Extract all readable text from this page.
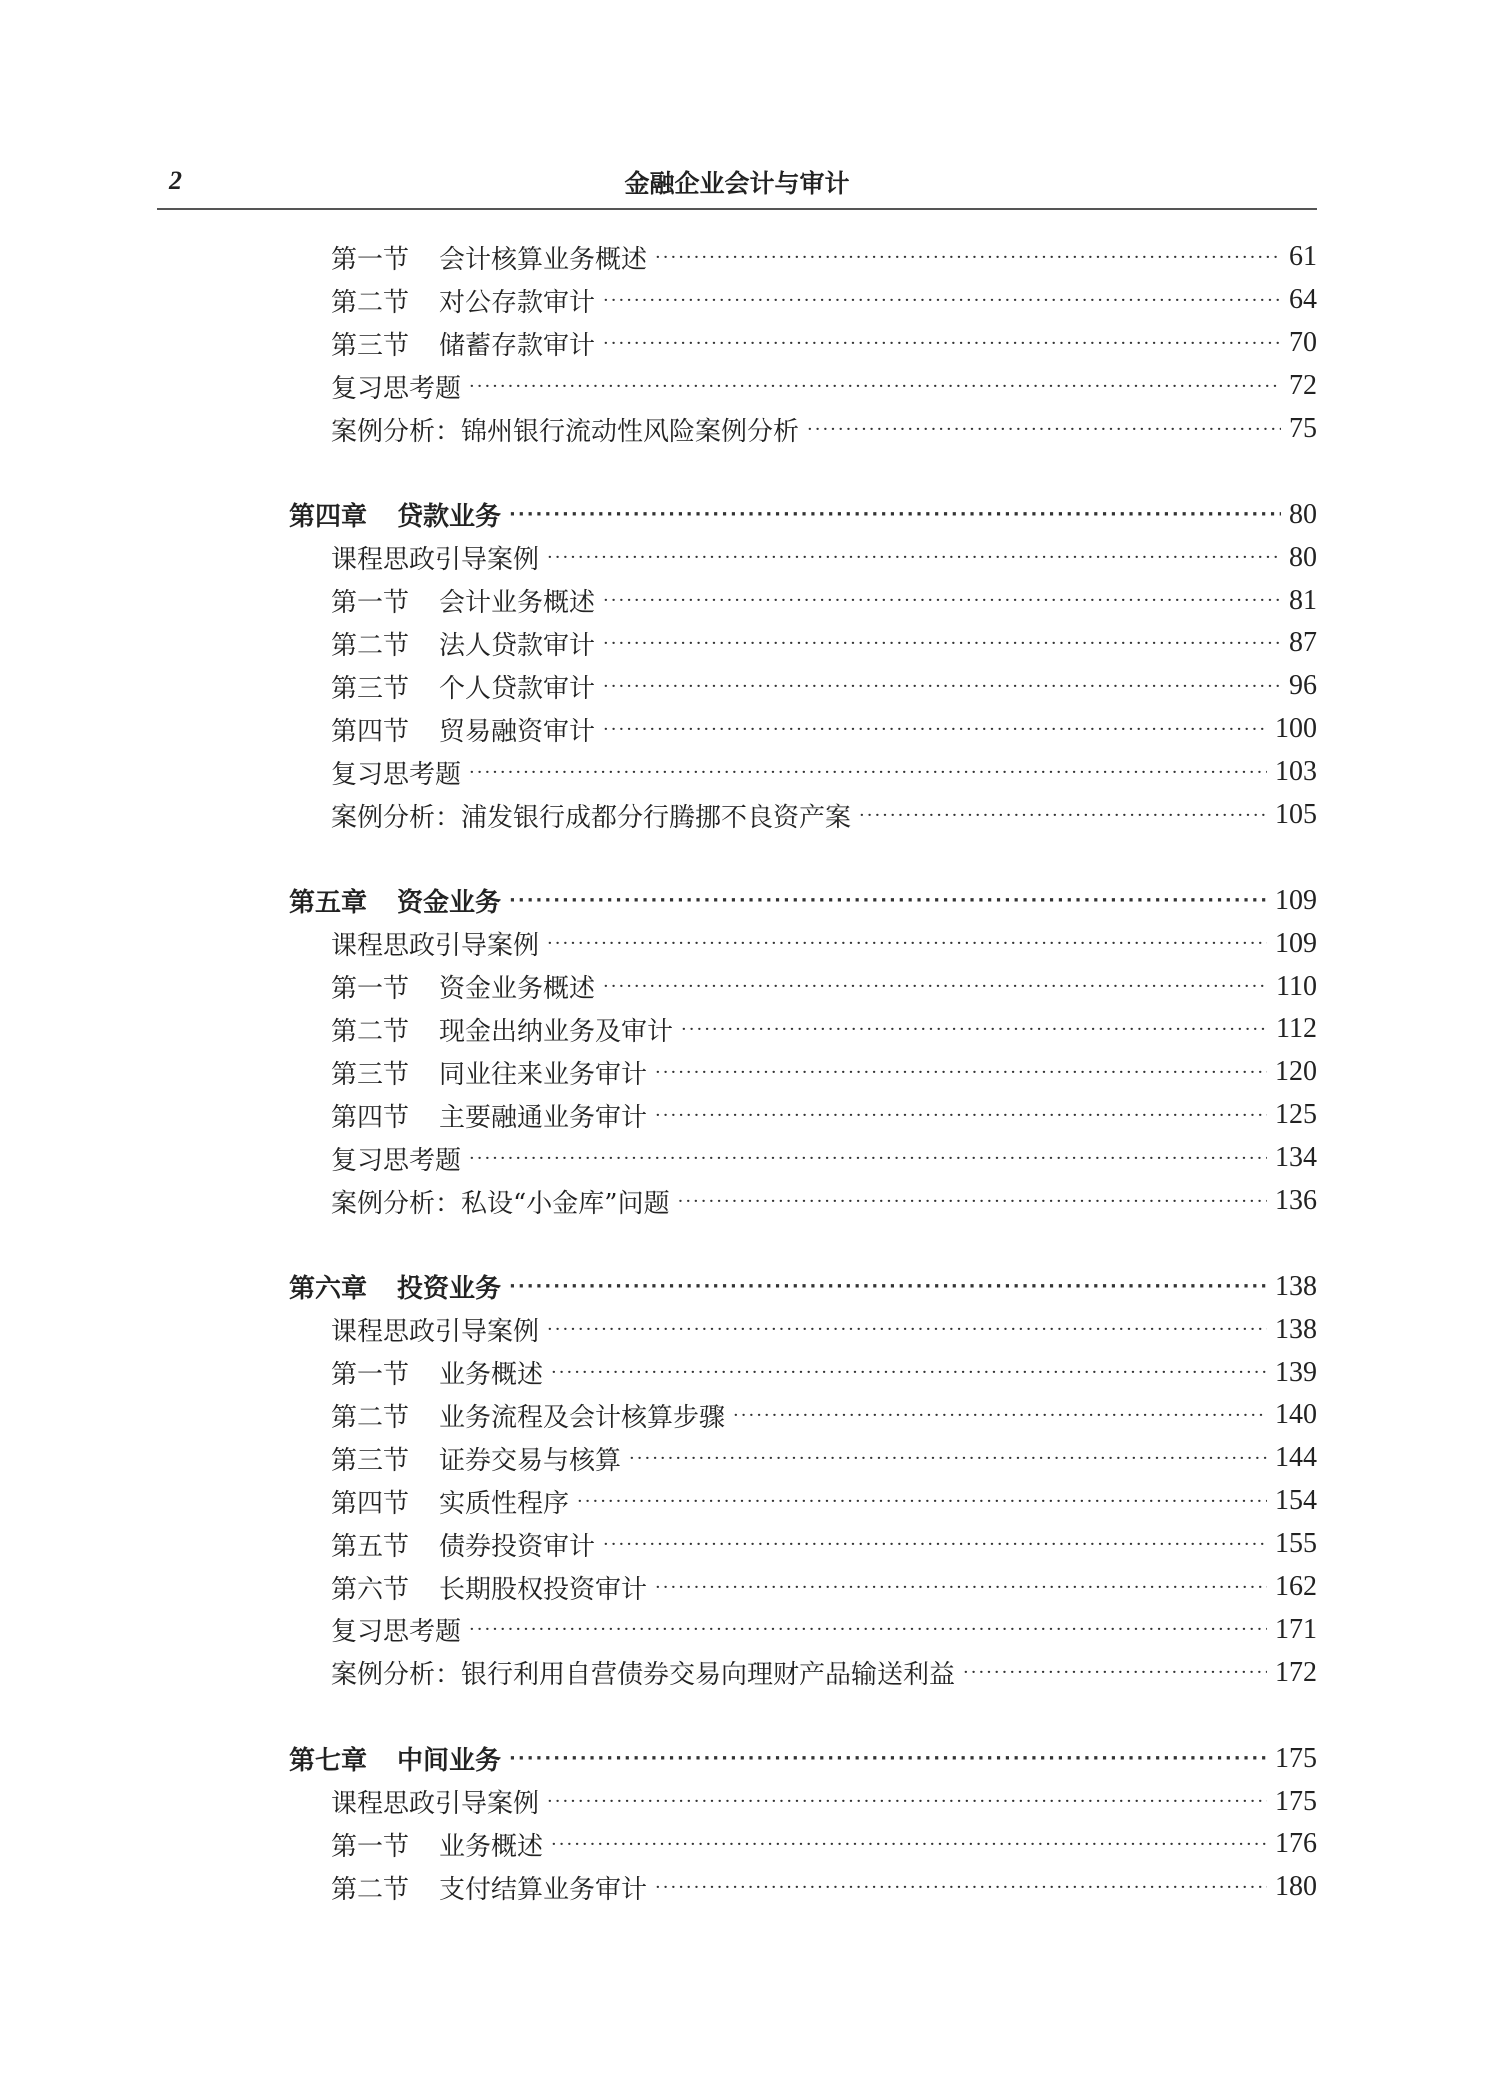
2	金融企业会计与审计
第一节 会计核算业务概述 ·····	61
第二节 对公存款审计 ·····	64
第三节 储蓄存款审计 ·····	70
复习思考题 ·····	72
案例分析：锦州银行流动性风险案例分析 ·····	75
第四章 贷款业务 ·····	80
课程思政引导案例 ·····	80
第一节 会计业务概述 ·····	81
第二节 法人贷款审计 ·····	87
第三节 个人贷款审计 ·····	96
第四节 贸易融资审计 ·····	100
复习思考题 ·····	103
案例分析：浦发银行成都分行腾挪不良资产案 ·····	105
第五章 资金业务 ·····	109
课程思政引导案例 ·····	109
第一节 资金业务概述 ·····	110
第二节 现金出纳业务及审计 ·····	112
第三节 同业往来业务审计 ·····	120
第四节 主要融通业务审计 ·····	125
复习思考题 ·····	134
案例分析：私设“小金库”问题 ·····	136
第六章 投资业务 ·····	138
课程思政引导案例 ·····	138
第一节 业务概述 ·····	139
第二节 业务流程及会计核算步骤 ·····	140
第三节 证券交易与核算 ·····	144
第四节 实质性程序 ·····	154
第五节 债券投资审计 ·····	155
第六节 长期股权投资审计 ·····	162
复习思考题 ·····	171
案例分析：银行利用自营债券交易向理财产品输送利益 ·····	172
第七章 中间业务 ·····	175
课程思政引导案例 ·····	175
第一节 业务概述 ·····	176
第二节 支付结算业务审计 ·····	180
